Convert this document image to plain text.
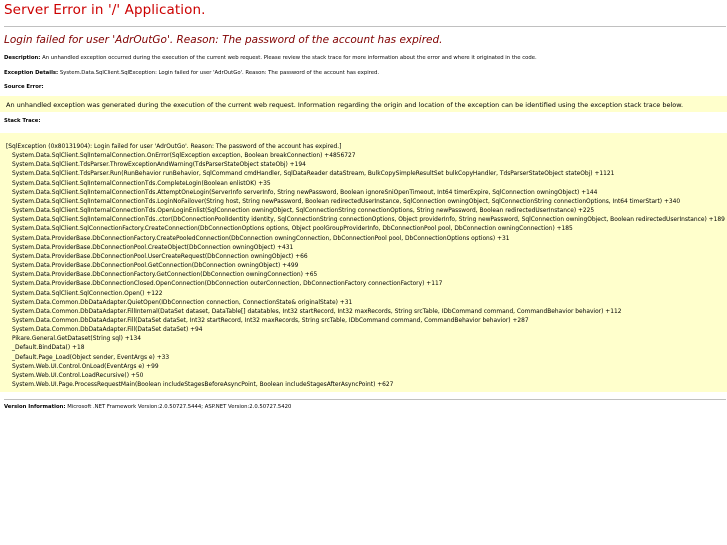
Server Error in '/' Application.
Login failed for user 'AdrOutGo'. Reason: The password of the account has expired.
Description: An unhandled exception occurred during the execution of the current web request. Please review the stack trace for more information about the error and where it originated in the code.
Exception Details: System.Data.SqlClient.SqlException: Login failed for user 'AdrOutGo'. Reason: The password of the account has expired.
Source Error:
An unhandled exception was generated during the execution of the current web request. Information regarding the origin and location of the exception can be identified using the exception stack trace below.
Stack Trace:
[SqlException (0x80131904): Login failed for user 'AdrOutGo'. Reason: The password of the account has expired.]
System.Data.SqlClient.SqlInternalConnection.OnError(SqlException exception, Boolean breakConnection) +4856727
System.Data.SqlClient.TdsParser.ThrowExceptionAndWarning(TdsParserStateObject stateObj) +194
System.Data.SqlClient.TdsParser.Run(RunBehavior runBehavior, SqlCommand cmdHandler, SqlDataReader dataStream, BulkCopySimpleResultSet bulkCopyHandler, TdsParserStateObject stateObj) +1121
System.Data.SqlClient.SqlInternalConnectionTds.CompleteLogin(Boolean enlistOK) +35
System.Data.SqlClient.SqlInternalConnectionTds.AttemptOneLogin(ServerInfo serverInfo, String newPassword, Boolean ignoreSniOpenTimeout, Int64 timerExpire, SqlConnection owningObject) +144
System.Data.SqlClient.SqlInternalConnectionTds.LoginNoFailover(String host, String newPassword, Boolean redirectedUserInstance, SqlConnection owningObject, SqlConnectionString connectionOptions, Int64 timerStart) +340
System.Data.SqlClient.SqlInternalConnectionTds.OpenLoginEnlist(SqlConnection owningObject, SqlConnectionString connectionOptions, String newPassword, Boolean redirectedUserInstance) +225
System.Data.SqlClient.SqlInternalConnectionTds..ctor(DbConnectionPoolIdentity identity, SqlConnectionString connectionOptions, Object providerInfo, String newPassword, SqlConnection owningObject, Boolean redirectedUserInstance) +189
System.Data.SqlClient.SqlConnectionFactory.CreateConnection(DbConnectionOptions options, Object poolGroupProviderInfo, DbConnectionPool pool, DbConnection owningConnection) +185
System.Data.ProviderBase.DbConnectionFactory.CreatePooledConnection(DbConnection owningConnection, DbConnectionPool pool, DbConnectionOptions options) +31
System.Data.ProviderBase.DbConnectionPool.CreateObject(DbConnection owningObject) +431
System.Data.ProviderBase.DbConnectionPool.UserCreateRequest(DbConnection owningObject) +66
System.Data.ProviderBase.DbConnectionPool.GetConnection(DbConnection owningObject) +499
System.Data.ProviderBase.DbConnectionFactory.GetConnection(DbConnection owningConnection) +65
System.Data.ProviderBase.DbConnectionClosed.OpenConnection(DbConnection outerConnection, DbConnectionFactory connectionFactory) +117
System.Data.SqlClient.SqlConnection.Open() +122
System.Data.Common.DbDataAdapter.QuietOpen(IDbConnection connection, ConnectionState& originalState) +31
System.Data.Common.DbDataAdapter.FillInternal(DataSet dataset, DataTable[] datatables, Int32 startRecord, Int32 maxRecords, String srcTable, IDbCommand command, CommandBehavior behavior) +112
System.Data.Common.DbDataAdapter.Fill(DataSet dataSet, Int32 startRecord, Int32 maxRecords, String srcTable, IDbCommand command, CommandBehavior behavior) +287
System.Data.Common.DbDataAdapter.Fill(DataSet dataSet) +94
Pikare.General.GetDataset(String sql) +134
_Default.BindData() +18
_Default.Page_Load(Object sender, EventArgs e) +33
System.Web.UI.Control.OnLoad(EventArgs e) +99
System.Web.UI.Control.LoadRecursive() +50
System.Web.UI.Page.ProcessRequestMain(Boolean includeStagesBeforeAsyncPoint, Boolean includeStagesAfterAsyncPoint) +627
Version Information: Microsoft .NET Framework Version:2.0.50727.5444; ASP.NET Version:2.0.50727.5420
